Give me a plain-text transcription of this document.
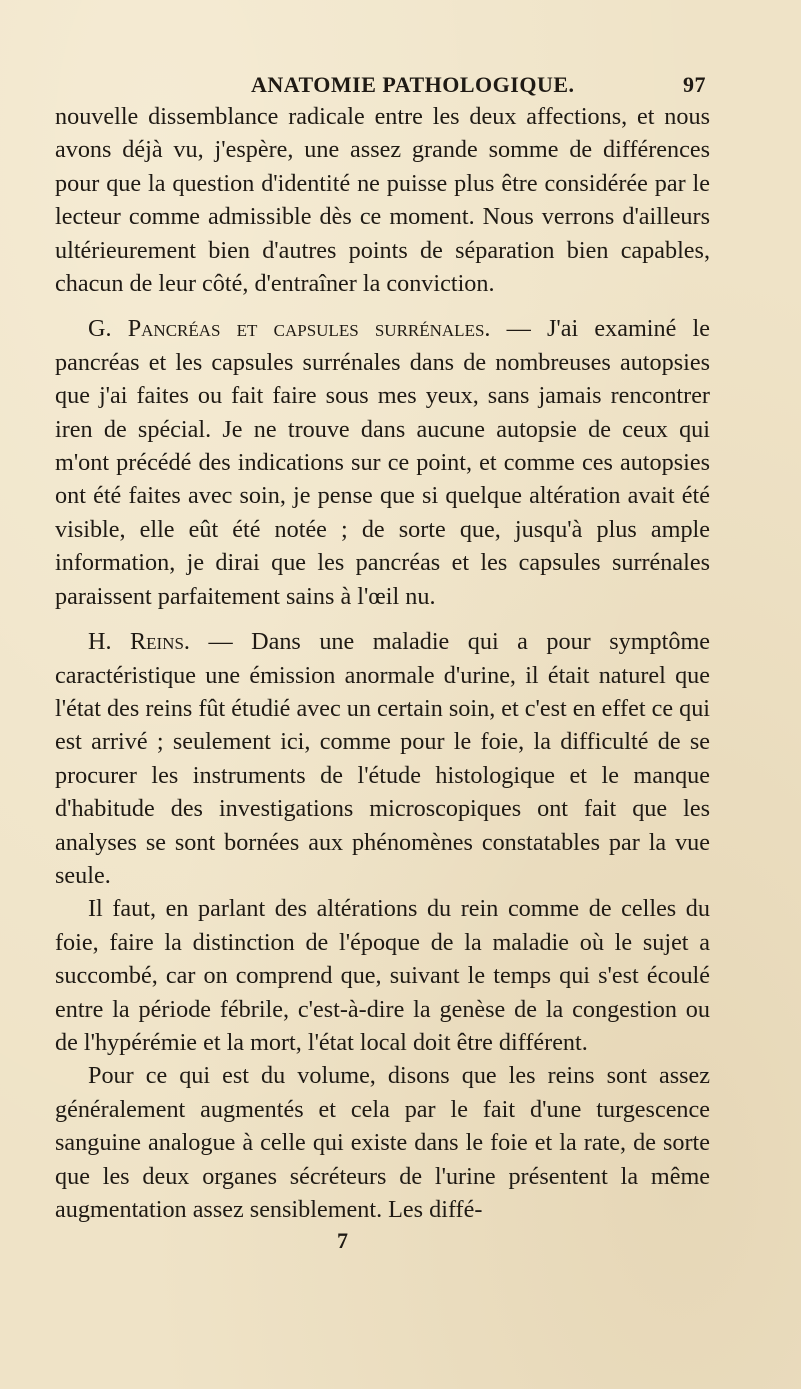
ANATOMIE PATHOLOGIQUE.	97

nouvelle dissemblance radicale entre les deux affections, et nous avons déjà vu, j'espère, une assez grande somme de différences pour que la question d'identité ne puisse plus être considérée par le lecteur comme admissible dès ce moment. Nous verrons d'ailleurs ultérieurement bien d'autres points de séparation bien capables, chacun de leur côté, d'entraîner la conviction.

G. Pancréas et capsules surrénales. — J'ai examiné le pancréas et les capsules surrénales dans de nombreuses autopsies que j'ai faites ou fait faire sous mes yeux, sans jamais rencontrer iren de spécial. Je ne trouve dans aucune autopsie de ceux qui m'ont précédé des indications sur ce point, et comme ces autopsies ont été faites avec soin, je pense que si quelque altération avait été visible, elle eût été notée ; de sorte que, jusqu'à plus ample information, je dirai que les pancréas et les capsules surrénales paraissent parfaitement sains à l'œil nu.

H. Reins. — Dans une maladie qui a pour symptôme caractéristique une émission anormale d'urine, il était naturel que l'état des reins fût étudié avec un certain soin, et c'est en effet ce qui est arrivé ; seulement ici, comme pour le foie, la difficulté de se procurer les instruments de l'étude histologique et le manque d'habitude des investigations microscopiques ont fait que les analyses se sont bornées aux phénomènes constatables par la vue seule.

Il faut, en parlant des altérations du rein comme de celles du foie, faire la distinction de l'époque de la maladie où le sujet a succombé, car on comprend que, suivant le temps qui s'est écoulé entre la période fébrile, c'est-à-dire la genèse de la congestion ou de l'hypérémie et la mort, l'état local doit être différent.

Pour ce qui est du volume, disons que les reins sont assez généralement augmentés et cela par le fait d'une turgescence sanguine analogue à celle qui existe dans le foie et la rate, de sorte que les deux organes sécréteurs de l'urine présentent la même augmentation assez sensiblement. Les diffé-

7
